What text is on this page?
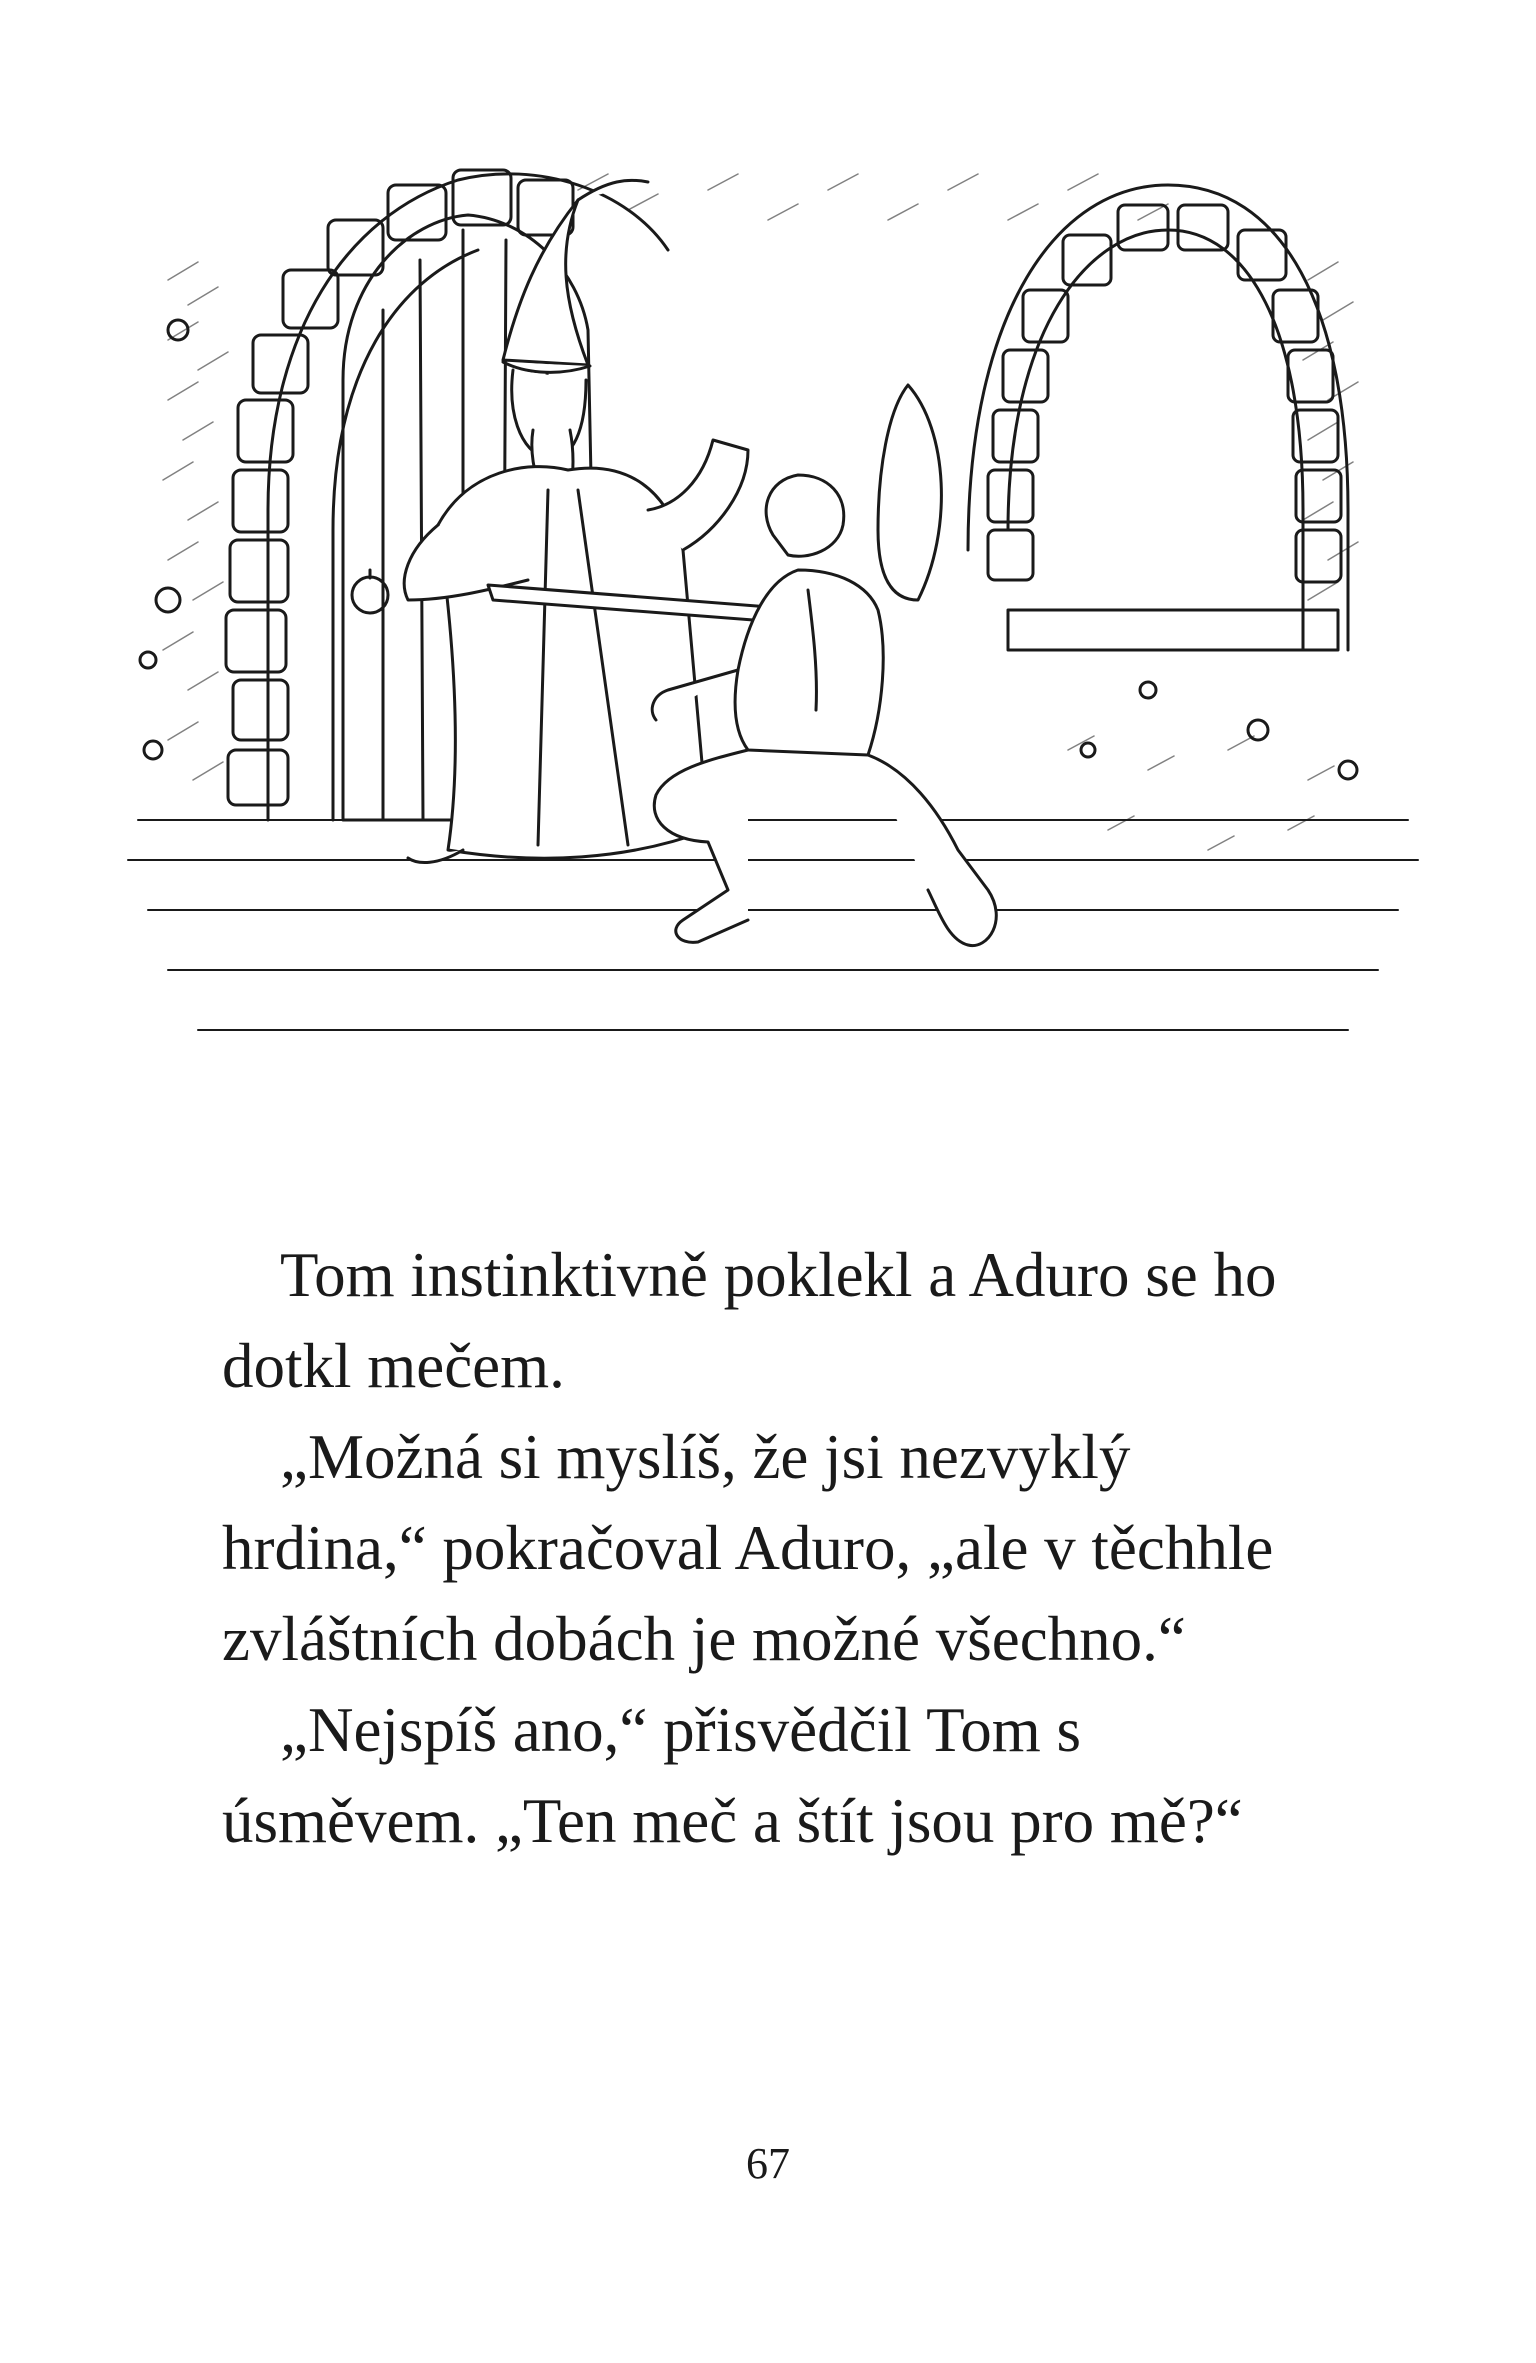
Tom instinktivně poklekl a Aduro se ho dotkl mečem.

„Možná si myslíš, že jsi nezvyklý hrdina,“ pokračoval Aduro, „ale v těchhle zvláštních dobách je možné všechno.“

„Nejspíš ano,“ přisvědčil Tom s úsměvem. „Ten meč a štít jsou pro mě?“

67
